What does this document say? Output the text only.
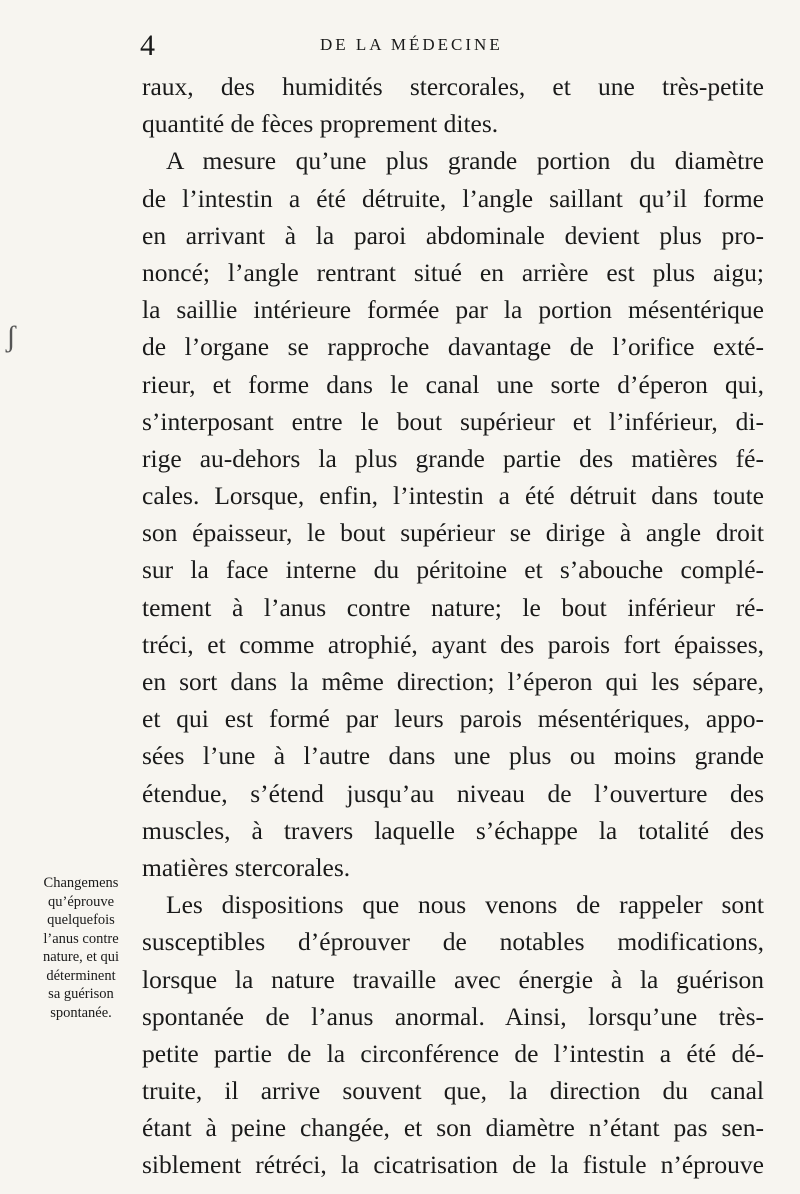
4	DE LA MÉDECINE
raux, des humidités stercorales, et une très-petite
quantité de fèces proprement dites.
A mesure qu’une plus grande portion du diamètre
de l’intestin a été détruite, l’angle saillant qu’il forme
en arrivant à la paroi abdominale devient plus pro-
noncé; l’angle rentrant situé en arrière est plus aigu;
la saillie intérieure formée par la portion mésentérique
de l’organe se rapproche davantage de l’orifice exté-
rieur, et forme dans le canal une sorte d’éperon qui,
s’interposant entre le bout supérieur et l’inférieur, di-
rige au-dehors la plus grande partie des matières fé-
cales. Lorsque, enfin, l’intestin a été détruit dans toute
son épaisseur, le bout supérieur se dirige à angle droit
sur la face interne du péritoine et s’abouche complé-
tement à l’anus contre nature; le bout inférieur ré-
tréci, et comme atrophié, ayant des parois fort épaisses,
en sort dans la même direction; l’éperon qui les sépare,
et qui est formé par leurs parois mésentériques, appo-
sées l’une à l’autre dans une plus ou moins grande
étendue, s’étend jusqu’au niveau de l’ouverture des
muscles, à travers laquelle s’échappe la totalité des
matières stercorales.
Les dispositions que nous venons de rappeler sont
susceptibles d’éprouver de notables modifications,
lorsque la nature travaille avec énergie à la guérison
spontanée de l’anus anormal. Ainsi, lorsqu’une très-
petite partie de la circonférence de l’intestin a été dé-
truite, il arrive souvent que, la direction du canal
étant à peine changée, et son diamètre n’étant pas sen-
siblement rétréci, la cicatrisation de la fistule n’éprouve
Changemens
qu’éprouve
quelquefois
l’anus contre
nature, et qui
déterminent
sa guérison
spontanée.
ʃ
